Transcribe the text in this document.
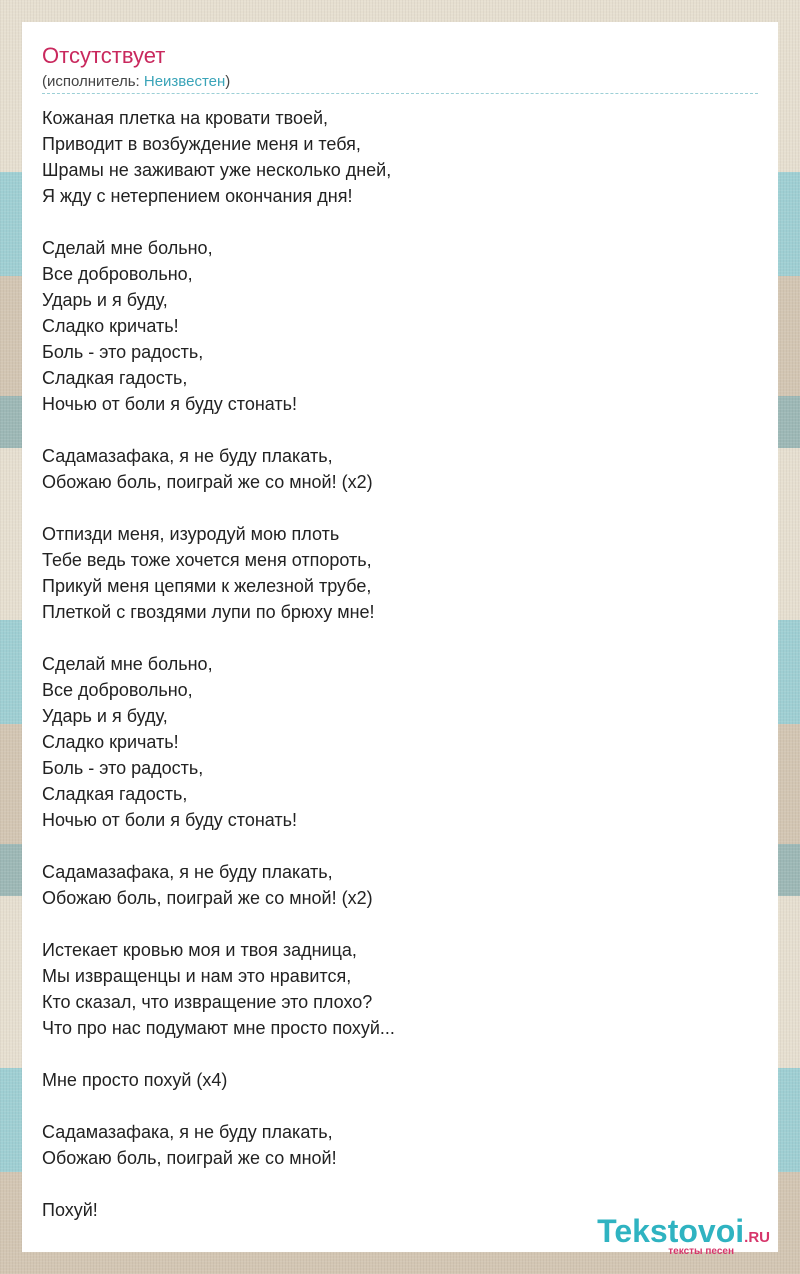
Отсутствует
(исполнитель: Неизвестен)
Кожаная плетка на кровати твоей,
Приводит в возбуждение меня и тебя,
Шрамы не заживают уже несколько дней,
Я жду с нетерпением окончания дня!

Сделай мне больно,
Все добровольно,
Ударь и я буду,
Сладко кричать!
Боль - это радость,
Сладкая гадость,
Ночью от боли я буду стонать!

Садамазафака, я не буду плакать,
Обожаю боль, поиграй же со мной! (x2)

Отпизди меня, изуродуй мою плоть
Тебе ведь тоже хочется меня отпороть,
Прикуй меня цепями к железной трубе,
Плеткой с гвоздями лупи по брюху мне!

Сделай мне больно,
Все добровольно,
Ударь и я буду,
Сладко кричать!
Боль - это радость,
Сладкая гадость,
Ночью от боли я буду стонать!

Садамазафака, я не буду плакать,
Обожаю боль, поиграй же со мной! (x2)

Истекает кровью моя и твоя задница,
Мы извращенцы и нам это нравится,
Кто сказал, что извращение это плохо?
Что про нас подумают мне просто похуй...

Мне просто похуй (x4)

Садамазафака, я не буду плакать,
Обожаю боль, поиграй же со мной!

Похуй!
Tekstovoi.RU
тексты песен
